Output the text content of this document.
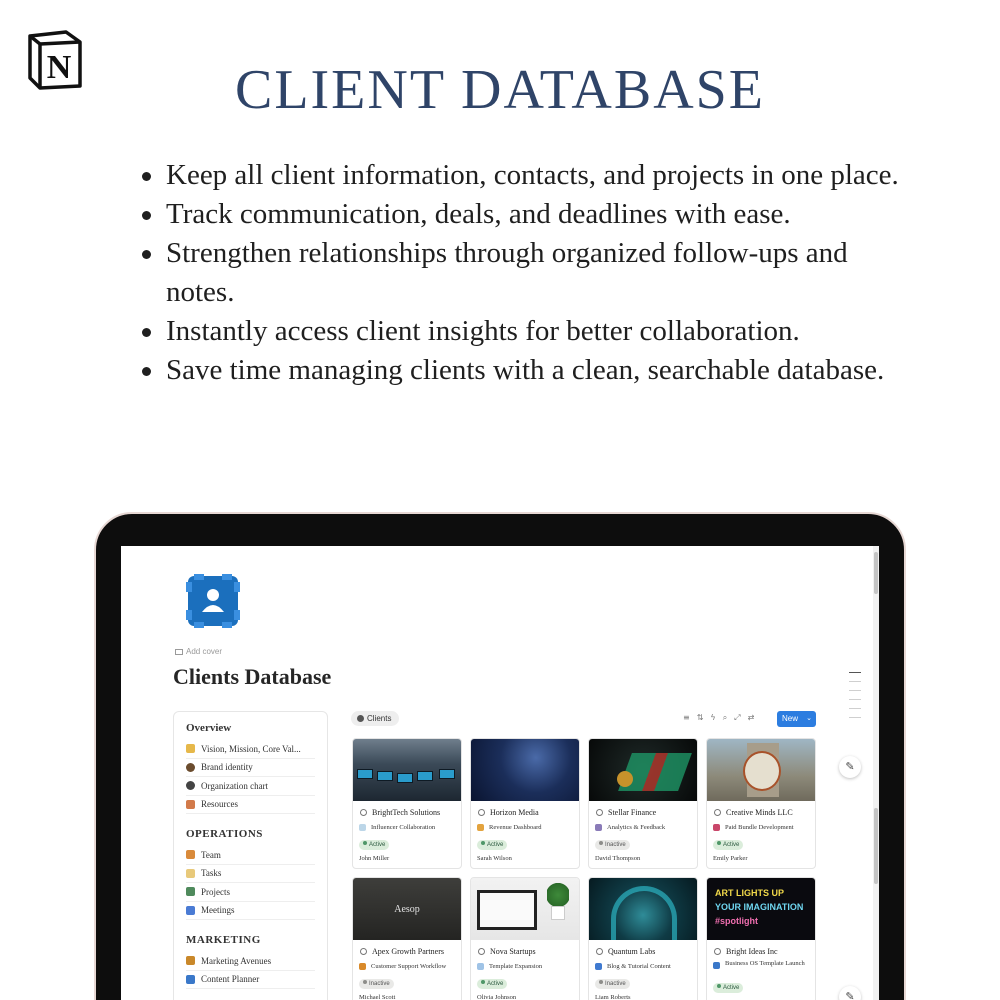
N	CLIENT DATABASE
Keep all client information, contacts, and projects in one place.
Track communication, deals, and deadlines with ease.
Strengthen relationships through organized follow-ups and notes.
Instantly access client insights for better collaboration.
Save time managing clients with a clean, searchable database.
Add cover
Clients Database
✎
✎
Overview
Vision, Mission, Core Val...
Brand identity
Organization chart
Resources
OPERATIONS
Team
Tasks
Projects
Meetings
MARKETING
Marketing Avenues
Content Planner
Clients	≡ ⇅ ϟ ⌕ ⤢ ⇄	New ⌄
BrightTech Solutions
Influencer Collaboration
Active
John Miller
Horizon Media
Revenue Dashboard
Active
Sarah Wilson
Stellar Finance
Analytics & Feedback
Inactive
David Thompson
Creative Minds LLC
Paid Bundle Development
Active
Emily Parker
Aesop
Apex Growth Partners
Customer Support Workflow
Inactive
Michael Scott
Nova Startups
Template Expansion
Active
Olivia Johnson
Quantum Labs
Blog & Tutorial Content
Inactive
Liam Roberts
ART LIGHTS UP
YOUR IMAGINATION
#spotlight
Bright Ideas Inc
Business OS Template Launch
Active
